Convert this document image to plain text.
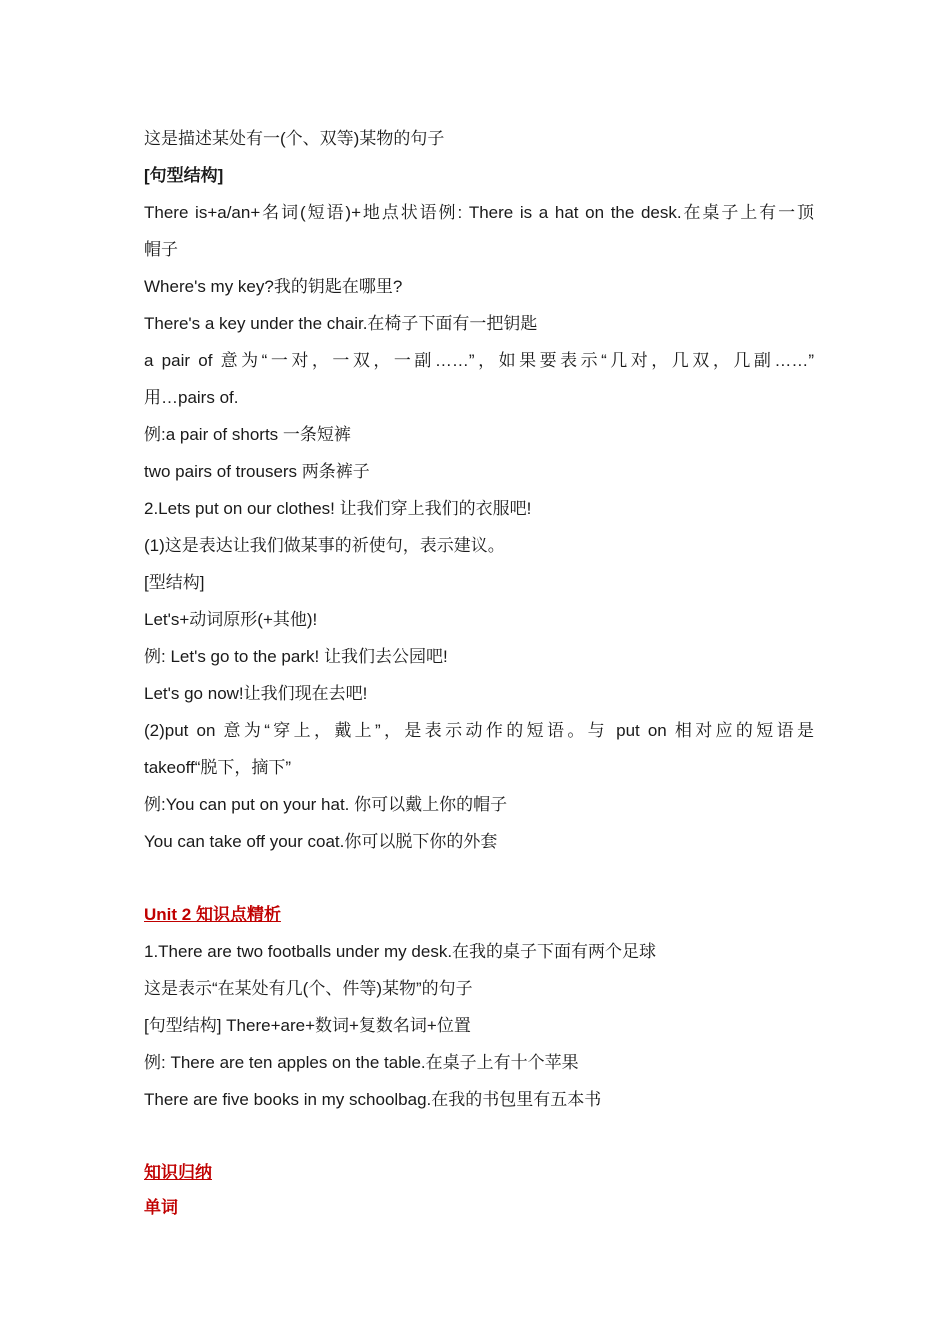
这是描述某处有一(个、双等)某物的句子
[句型结构]
There is+a/an+名词(短语)+地点状语例: There is a hat on the desk.在桌子上有一顶
帽子
Where's my key?我的钥匙在哪里?
There's a key under the chair.在椅子下面有一把钥匙
a pair of 意为“一对，一双，一副……”，如果要表示“几对，几双，几副……”
用…pairs of.
例:a pair of shorts 一条短裤
two pairs of trousers 两条裤子
2.Lets put on our clothes! 让我们穿上我们的衣服吧!
(1)这是表达让我们做某事的祈使句，表示建议。
[型结构]
Let's+动词原形(+其他)!
例: Let's go to the park! 让我们去公园吧!
Let's go now!让我们现在去吧!
(2)put on 意为“穿上，戴上”，是表示动作的短语。与 put on 相对应的短语是
takeoff“脱下，摘下”
例:You can put on your hat. 你可以戴上你的帽子
You can take off your coat.你可以脱下你的外套
Unit 2 知识点精析
1.There are two footballs under my desk.在我的桌子下面有两个足球
这是表示“在某处有几(个、件等)某物”的句子
[句型结构] There+are+数词+复数名词+位置
例: There are ten apples on the table.在桌子上有十个苹果
There are five books in my schoolbag.在我的书包里有五本书
知识归纳
单词
